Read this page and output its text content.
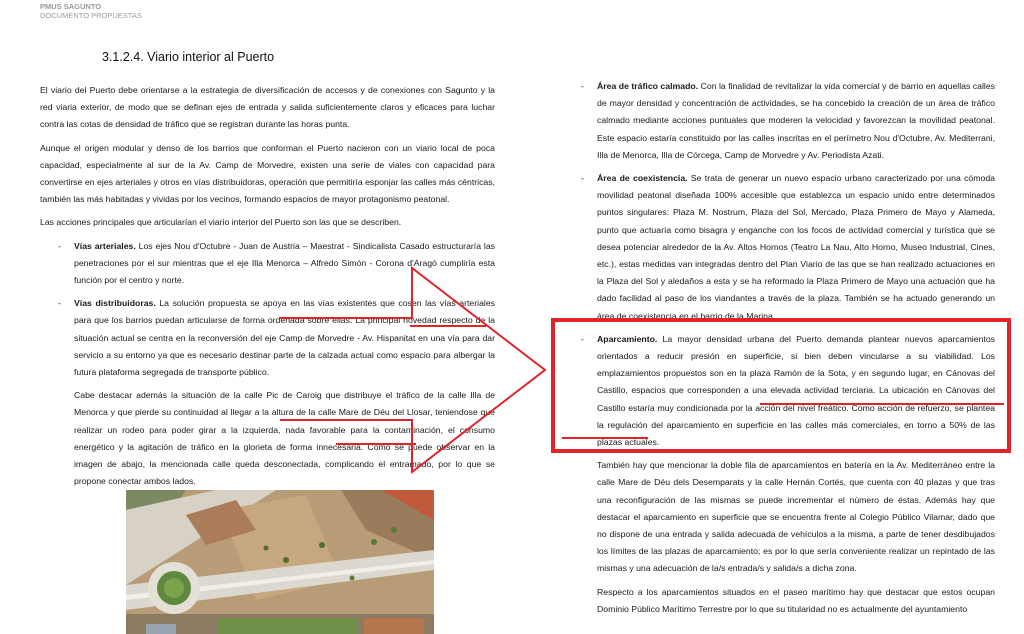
PMUS SAGUNTO
DOCUMENTO PROPUESTAS
3.1.2.4. Viario interior al Puerto

El viario del Puerto debe orientarse a la estrategia de diversificación de accesos y de conexiones con Sagunto y la red viaria exterior, de modo que se definan ejes de entrada y salida suficientemente claros y eficaces para luchar contra las cotas de densidad de tráfico que se registran durante las horas punta.

Aunque el origen modular y denso de los barrios que conforman el Puerto nacieron con un viario local de poca capacidad, especialmente al sur de la Av. Camp de Morvedre, existen una serie de viales con capacidad para convertirse en ejes arteriales y otros en vías distribuidoras, operación que permitiría esponjar las calles más céntricas, también las más habitadas y vividas por los vecinos, formando espacios de mayor protagonismo peatonal.

Las acciones principales que articularían el viario interior del Puerto son las que se describen.

- Vías arteriales. Los ejes Nou d'Octubre - Juan de Austria – Maestrat - Sindicalista Casado estructuraría las penetraciones por el sur mientras que el eje Illa Menorca – Alfredo Simón - Corona d'Aragó cumpliría esta función por el centro y norte.

- Vías distribuidoras. La solución propuesta se apoya en las vías existentes que cosen las vías arteriales para que los barrios puedan articularse de forma ordenada sobre ellas. La principal novedad respecto de la situación actual se centra en la reconversión del eje Camp de Morvedre - Av. Hispanitat en una vía para dar servicio a su entorno ya que es necesario destinar parte de la calzada actual como espacio para albergar la futura plataforma segregada de transporte público.

Cabe destacar además la situación de la calle Pic de Caroig que distribuye el tráfico de la calle Illa de Menorca y que pierde su continuidad al llegar a la altura de la calle Mare de Déu del Llosar, teniendose que realizar un rodeo para poder girar a la izquierda, nada favorable para la contaminación, el consumo energético y la agitación de tráfico en la glorieta de forma innecesaria. Como se puede observar en la imagen de abajo, la mencionada calle queda desconectada, complicando el entramado, por lo que se propone conectar ambos lados.

- Área de tráfico calmado. Con la finalidad de revitalizar la vida comercial y de barrio en aquellas calles de mayor densidad y concentración de actividades, se ha concebido la creación de un área de tráfico calmado mediante acciones puntuales que moderen la velocidad y favorezcan la movilidad peatonal. Este espacio estaría constituido por las calles inscritas en el perímetro Nou d'Octubre, Av. Mediterrani, Illa de Menorca, Illa de Córcega, Camp de Morvedre y Av. Periodista Azati.

- Área de coexistencia. Se trata de generar un nuevo espacio urbano caracterizado por una cómoda movilidad peatonal diseñada 100% accesible que establezca un espacio unido entre determinados puntos singulares: Plaza M. Nostrum, Plaza del Sol, Mercado, Plaza Primero de Mayo y Alameda, punto que actuaría como bisagra y enganche con los focos de actividad comercial y turística que se desea potenciar alrededor de la Av. Altos Hornos (Teatro La Nau, Alto Horno, Museo Industrial, Cines, etc.), estas medidas van integradas dentro del Plan Viario de las que se han realizado actuaciones en la Plaza del Sol y aledaños a esta y se ha reformado la Plaza Primero de Mayo una actuación que ha dado facilidad al paso de los viandantes a través de la plaza. También se ha actuado generando un área de coexistencia en el barrio de la Marina.

- Aparcamiento. La mayor densidad urbana del Puerto demanda plantear nuevos aparcamientos orientados a reducir presión en superficie, si bien deben vincularse a su viabilidad. Los emplazamientos propuestos son en la plaza Ramón de la Sota, y en segundo lugar, en Cánovas del Castillo, espacios que corresponden a una elevada actividad terciaria. La ubicación en Cánovas del Castillo estaría muy condicionada por la acción del nivel freático. Como acción de refuerzo, se plantea la regulación del aparcamiento en superficie en las calles más comerciales, en torno a 50% de las plazas actuales.

También hay que mencionar la doble fila de aparcamientos en batería en la Av. Mediterráneo entre la calle Mare de Déu dels Desemparats y la calle Hernán Cortés, que cuenta con 40 plazas y que tras una reconfiguración de las mismas se puede incrementar el número de éstas. Además hay que destacar el aparcamiento en superficie que se encuentra frente al Colegio Público Vilamar, dado que no dispone de una entrada y salida adecuada de vehículos a la misma, a parte de tener desdibujados los límites de las plazas de aparcamiento; es por lo que sería conveniente realizar un repintado de las mismas y una adecuación de la/s entrada/s y salida/s a dicha zona.

Respecto a los aparcamientos situados en el paseo marítimo hay que destacar que estos ocupan Dominio Público Marítimo Terrestre por lo que su titularidad no es actualmente del ayuntamiento
